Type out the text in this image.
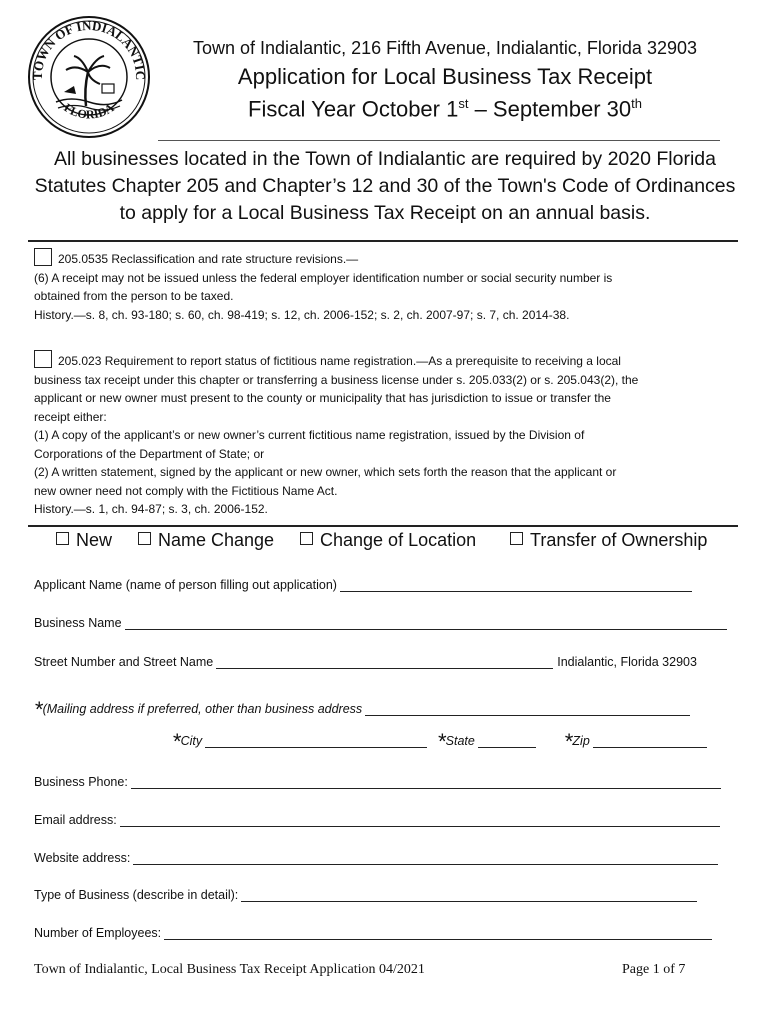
TOWN OF INDIALANTIC
FLORIDA
Town of Indialantic, 216 Fifth Avenue, Indialantic, Florida 32903
Application for Local Business Tax Receipt
Fiscal Year October 1st – September 30th
All businesses located in the Town of Indialantic are required by 2020 Florida
Statutes Chapter 205 and Chapter’s 12 and 30 of the Town's Code of Ordinances
to apply for a Local Business Tax Receipt on an annual basis.
205.0535 Reclassification and rate structure revisions.—
(6) A receipt may not be issued unless the federal employer identification number or social security number is
obtained from the person to be taxed.
History.—s. 8, ch. 93-180; s. 60, ch. 98-419; s. 12, ch. 2006-152; s. 2, ch. 2007-97; s. 7, ch. 2014-38.
205.023 Requirement to report status of fictitious name registration.—As a prerequisite to receiving a local
business tax receipt under this chapter or transferring a business license under s. 205.033(2) or s. 205.043(2), the
applicant or new owner must present to the county or municipality that has jurisdiction to issue or transfer the
receipt either:
(1) A copy of the applicant’s or new owner’s current fictitious name registration, issued by the Division of
Corporations of the Department of State; or
(2) A written statement, signed by the applicant or new owner, which sets forth the reason that the applicant or
new owner need not comply with the Fictitious Name Act.
History.—s. 1, ch. 94-87; s. 3, ch. 2006-152.
New	Name Change	Change of Location	Transfer of Ownership
Applicant Name (name of person filling out application)
Business Name
Street Number and Street Name	Indialantic, Florida 32903
* (Mailing address if preferred, other than business address
* City	* State	* Zip
Business Phone:
Email address:
Website address:
Type of Business (describe in detail):
Number of Employees:
Town of Indialantic, Local Business Tax Receipt Application 04/2021	Page 1 of 7
